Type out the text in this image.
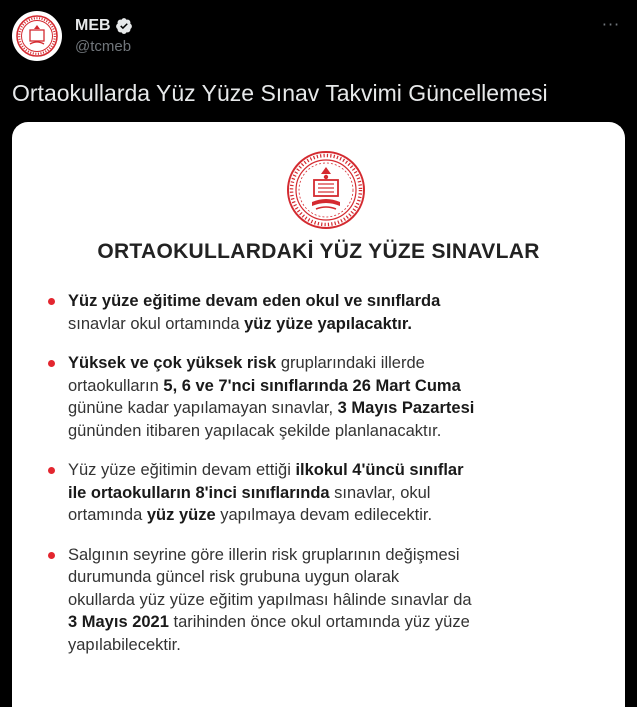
MEB
@tcmeb
···
Ortaokullarda Yüz Yüze Sınav Takvimi Güncellemesi
ORTAOKULLARDAKİ YÜZ YÜZE SINAVLAR
Yüz yüze eğitime devam eden okul ve sınıflarda
sınavlar okul ortamında yüz yüze yapılacaktır.
Yüksek ve çok yüksek risk gruplarındaki illerde
ortaokulların 5, 6 ve 7'nci sınıflarında 26 Mart Cuma
gününe kadar yapılamayan sınavlar, 3 Mayıs Pazartesi
gününden itibaren yapılacak şekilde planlanacaktır.
Yüz yüze eğitimin devam ettiği ilkokul 4'üncü sınıflar
ile ortaokulların 8'inci sınıflarında sınavlar, okul
ortamında yüz yüze yapılmaya devam edilecektir.
Salgının seyrine göre illerin risk gruplarının değişmesi
durumunda güncel risk grubuna uygun olarak
okullarda yüz yüze eğitim yapılması hâlinde sınavlar da
3 Mayıs 2021 tarihinden önce okul ortamında yüz yüze
yapılabilecektir.
